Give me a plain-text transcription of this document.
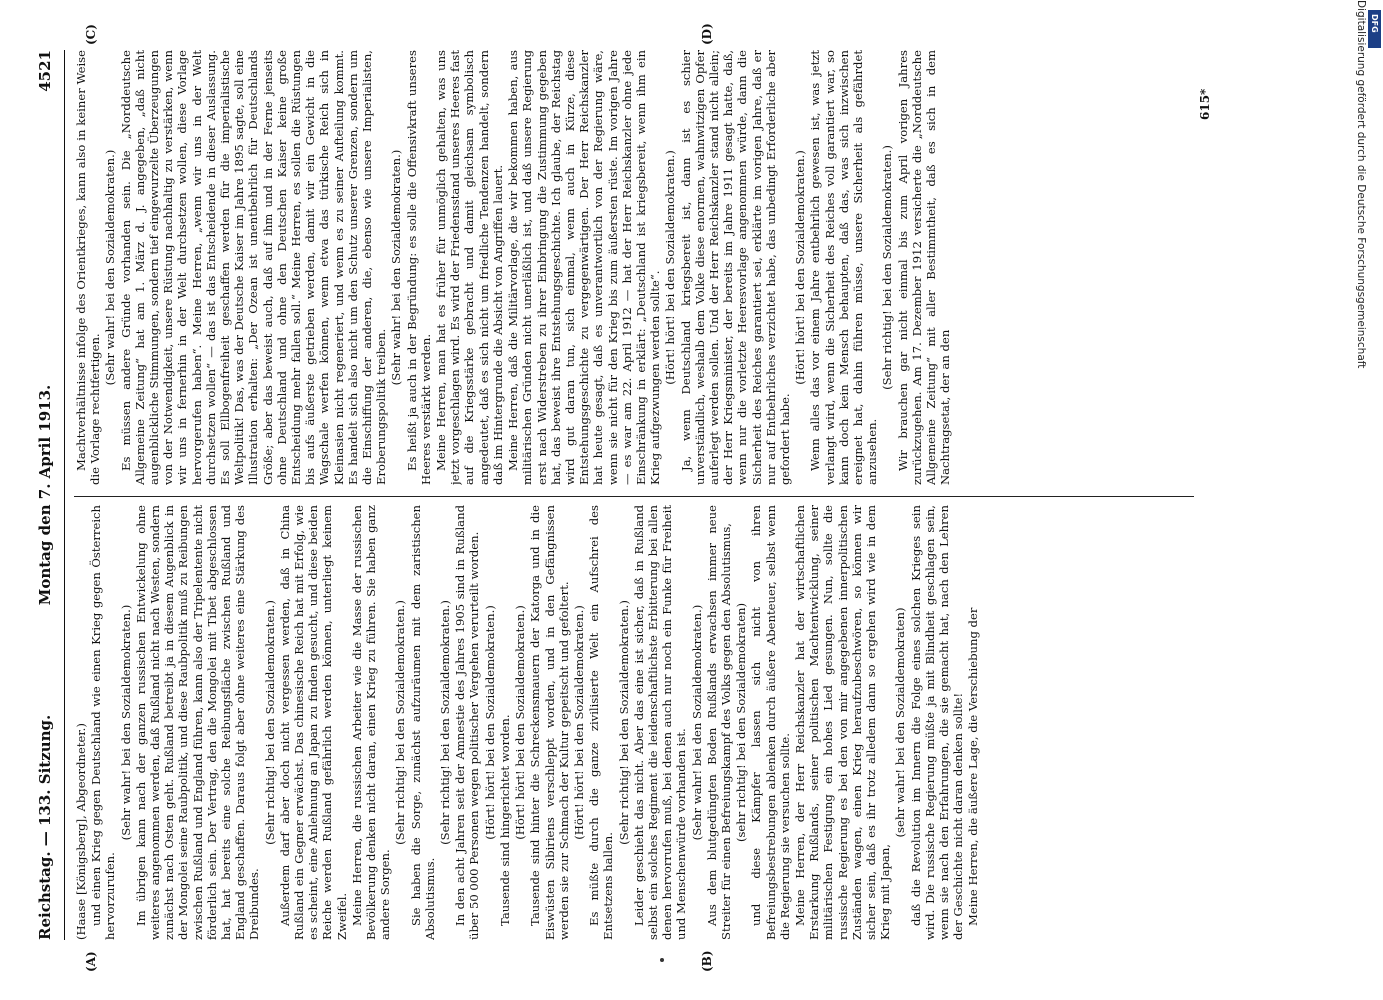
Reichstag. — 133. Sitzung.
Montag den 7. April 1913.
4521
(A)	(B)
(C)	(D)

(Haase [Königsberg], Abgeordneter.) und einen Krieg gegen Deutschland wie einen Krieg gegen Österreich hervorzurufen.

(Sehr wahr! bei den Sozialdemokraten.) Im übrigen kann nach der ganzen russischen Entwickelung ohne weiteres angenommen werden, daß Rußland nicht nach Westen, sondern zunächst nach Osten geht. Rußland betreibt ja in diesem Augenblick in der Mongolei seine Raubpolitik, und diese Raubpolitik muß zu Reibungen zwischen Rußland und England führen, kann also der Tripelentente nicht förderlich sein. Der Vertrag, den die Mongolei mit Tibet abgeschlossen hat, hat bereits eine solche Reibungsfläche zwischen Rußland und England geschaffen. Daraus folgt aber ohne weiteres eine Stärkung des Dreibundes.

(Sehr richtig! bei den Sozialdemokraten.) Außerdem darf aber doch nicht vergessen werden, daß in China Rußland ein Gegner erwächst. Das chinesische Reich hat mit Erfolg, wie es scheint, eine Anlehnung an Japan zu finden gesucht, und diese beiden Reiche werden Rußland gefährlich werden können, unterliegt keinem Zweifel. Meine Herren, die russischen Arbeiter wie die Masse der russischen Bevölkerung denken nicht daran, einen Krieg zu führen. Sie haben ganz andere Sorgen.

(Sehr richtig! bei den Sozialdemokraten.) Sie haben die Sorge, zunächst aufzuräumen mit dem zaristischen Absolutismus.

(Sehr richtig! bei den Sozialdemokraten.) In den acht Jahren seit der Amnestie des Jahres 1905 sind in Rußland über 50 000 Personen wegen politischer Vergehen verurteilt worden. (Hört! hört! bei den Sozialdemokraten.) Tausende sind hingerichtet worden. (Hört! hört! bei den Sozialdemokraten.) Tausende sind hinter die Schreckensmauern der Katorga und in die Eiswüsten Sibiriens verschleppt worden, und in den Gefängnissen werden sie zur Schmach der Kultur gepeitscht und gefoltert. (Hört! hört! bei den Sozialdemokraten.) Es müßte durch die ganze zivilisierte Welt ein Aufschrei des Entsetzens hallen.

(Sehr richtig! bei den Sozialdemokraten.) Leider geschieht das nicht. Aber das eine ist sicher, daß in Rußland selbst ein solches Regiment die leidenschaftlichste Erbitterung bei allen denen hervorrufen muß, bei denen auch nur noch ein Funke für Freiheit und Menschenwürde vorhanden ist. (Sehr wahr! bei den Sozialdemokraten.) Aus dem blutgedüngten Boden Rußlands erwachsen immer neue Streiter für einen Befreiungskampf des Volks gegen den Absolutismus, (sehr richtig! bei den Sozialdemokraten) und diese Kämpfer lassen sich nicht von ihren Befreiungsbestrebungen ablenken durch äußere Abenteuer, selbst wenn die Regierung sie versuchen sollte. Meine Herren, der Herr Reichskanzler hat der wirtschaftlichen Erstarkung Rußlands, seiner politischen Machtentwicklung, seiner militärischen Festigung ein hohes Lied gesungen. Nun, sollte die russische Regierung es bei den von mir angegebenen innerpolitischen Zuständen wagen, einen Krieg heraufzubeschwören, so können wir sicher sein, daß es ihr trotz alledem dann so ergehen wird wie in dem Krieg mit Japan,

(sehr wahr! bei den Sozialdemokraten) daß die Revolution im Innern die Folge eines solchen Krieges sein wird. Die russische Regierung müßte ja mit Blindheit geschlagen sein, wenn sie nach den Erfahrungen, die sie gemacht hat, nach den Lehren der Geschichte nicht daran denken sollte! Meine Herren, die äußere Lage, die Verschiebung der

Machtverhältnisse infolge des Orientkrieges, kann also in keiner Weise die Vorlage rechtfertigen.

(Sehr wahr! bei den Sozialdemokraten.) Es müssen andere Gründe vorhanden sein. Die „Norddeutsche Allgemeine Zeitung“ hat am 1. März d. J. angegeben, „daß nicht augenblickliche Stimmungen, sondern tief eingewurzelte Überzeugungen von der Notwendigkeit, unsere Rüstung nachhaltig zu verstärken, wenn wir uns in fernerhin in der Welt durchsetzen wollen, diese Vorlage hervorgerufen haben“. Meine Herren, „wenn wir uns in der Welt durchsetzen wollen“ — das ist das Entscheidende in dieser Auslassung. Es soll Ellbogenfreiheit geschaffen werden für die imperialistische Weltpolitik! Das, was der Deutsche Kaiser im Jahre 1895 sagte, soll eine Illustration erhalten: „Der Ozean ist unentbehrlich für Deutschlands Größe; aber das beweist auch, daß auf ihm und in der Ferne jenseits ohne Deutschland und ohne den Deutschen Kaiser keine große Entscheidung mehr fallen soll.“ Meine Herren, es sollen die Rüstungen bis aufs äußerste getrieben werden, damit wir ein Gewicht in die Wagschale werfen können, wenn etwa das türkische Reich sich in Kleinasien nicht regeneriert, und wenn es zu seiner Aufteilung kommt. Es handelt sich also nicht um den Schutz unserer Grenzen, sondern um die Einschiffung der anderen, die, ebenso wie unsere Imperialisten, Eroberungspolitik treiben.

(Sehr wahr! bei den Sozialdemokraten.) Es heißt ja auch in der Begründung: es solle die Offensivkraft unseres Heeres verstärkt werden. Meine Herren, man hat es früher für unmöglich gehalten, was uns jetzt vorgeschlagen wird. Es wird der Friedensstand unseres Heeres fast auf die Kriegsstärke gebracht und damit gleichsam symbolisch angedeutet, daß es sich nicht um friedliche Tendenzen handelt, sondern daß im Hintergrunde die Absicht von Angriffen lauert. Meine Herren, daß die Militärvorlage, die wir bekommen haben, aus militärischen Gründen nicht unerläßlich ist, und daß unsere Regierung erst nach Widerstreben zu ihrer Einbringung die Zustimmung gegeben hat, das beweist ihre Entstehungsgeschichte. Ich glaube, der Reichstag wird gut daran tun, sich einmal, wenn auch in Kürze, diese Entstehungsgeschichte zu vergegenwärtigen. Der Herr Reichskanzler hat heute gesagt, daß es unverantwortlich von der Regierung wäre, wenn sie nicht für den Krieg bis zum äußersten rüste. Im vorigen Jahre — es war am 22. April 1912 — hat der Herr Reichskanzler ohne jede Einschränkung in erklärt: „Deutschland ist kriegsbereit, wenn ihm ein Krieg aufgezwungen werden sollte“. (Hört! hört! bei den Sozialdemokraten.) Ja, wenn Deutschland kriegsbereit ist, dann ist es schier unverständlich, weshalb dem Volke diese enormen, wahnwitzigen Opfer auferlegt werden sollen. Und der Herr Reichskanzler stand nicht allein; der Herr Kriegsminister, der bereits im Jahre 1911 gesagt hatte, daß, wenn nur die vorletzte Heeresvorlage angenommen würde, dann die Sicherheit des Reiches garantiert sei, erklärte im vorigen Jahre, daß er nur auf Entbehrliches verzichtet habe, das unbedingt Erforderliche aber gefordert habe.

(Hört! hört! bei den Sozialdemokraten.) Wenn alles das vor einem Jahre entbehrlich gewesen ist, was jetzt verlangt wird, wenn die Sicherheit des Reiches voll garantiert war, so kann doch kein Mensch behaupten, daß das, was sich inzwischen ereignet hat, dahin führen müsse, unsere Sicherheit als gefährdet anzusehen.

(Sehr richtig! bei den Sozialdemokraten.) Wir brauchen gar nicht einmal bis zum April vorigen Jahres zurückzugehen. Am 17. Dezember 1912 versicherte die „Norddeutsche Allgemeine Zeitung“ mit aller Bestimmtheit, daß es sich in dem Nachtragsetat, der an den

615*
DFG
Digitalisierung gefördert durch die Deutsche Forschungsgemeinschaft
